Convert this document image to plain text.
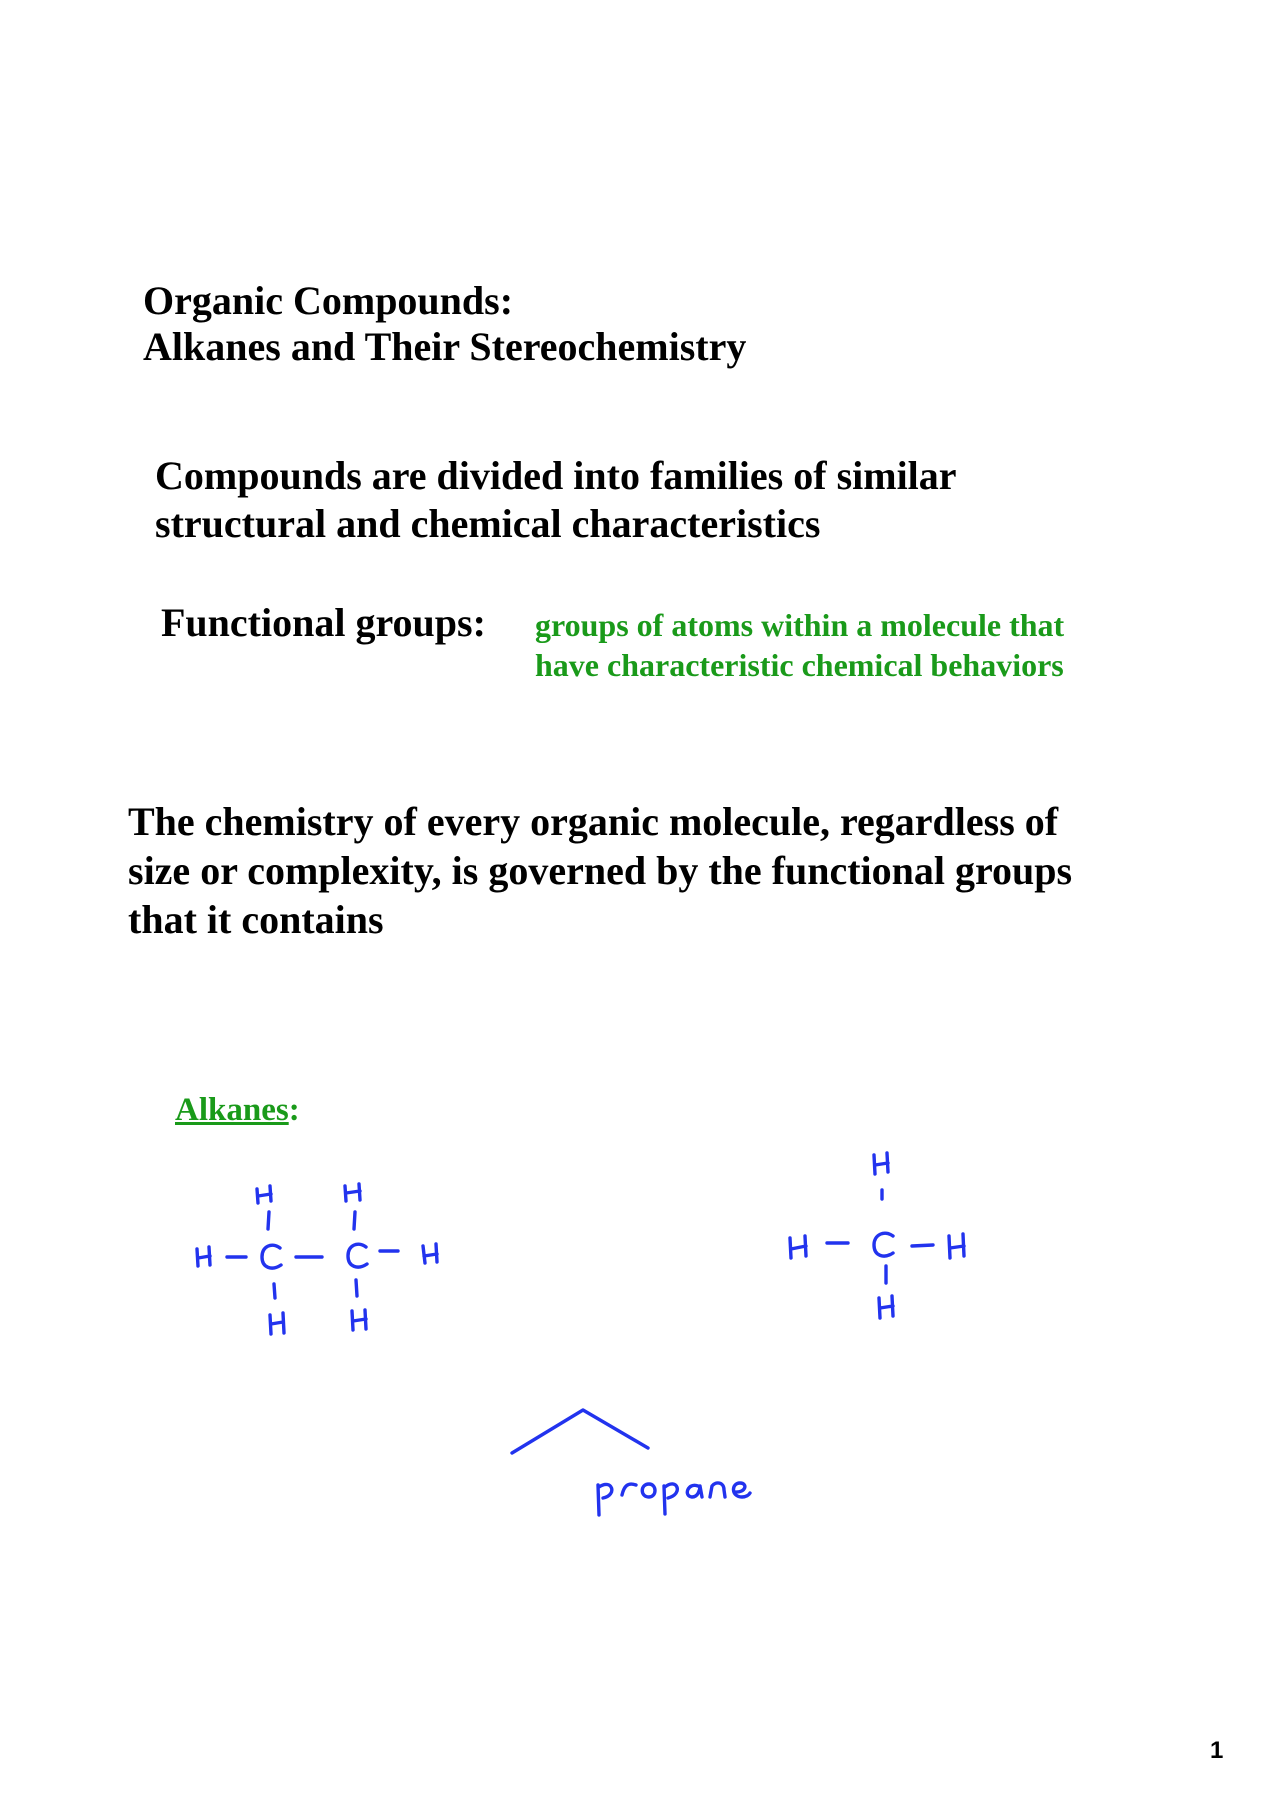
Organic Compounds:
Alkanes and Their Stereochemistry
Compounds are divided into families of similar
structural and chemical characteristics
Functional groups: groups of atoms within a molecule that
have characteristic chemical behaviors
The chemistry of every organic molecule, regardless of
size or complexity, is governed by the functional groups
that it contains
Alkanes:
1
